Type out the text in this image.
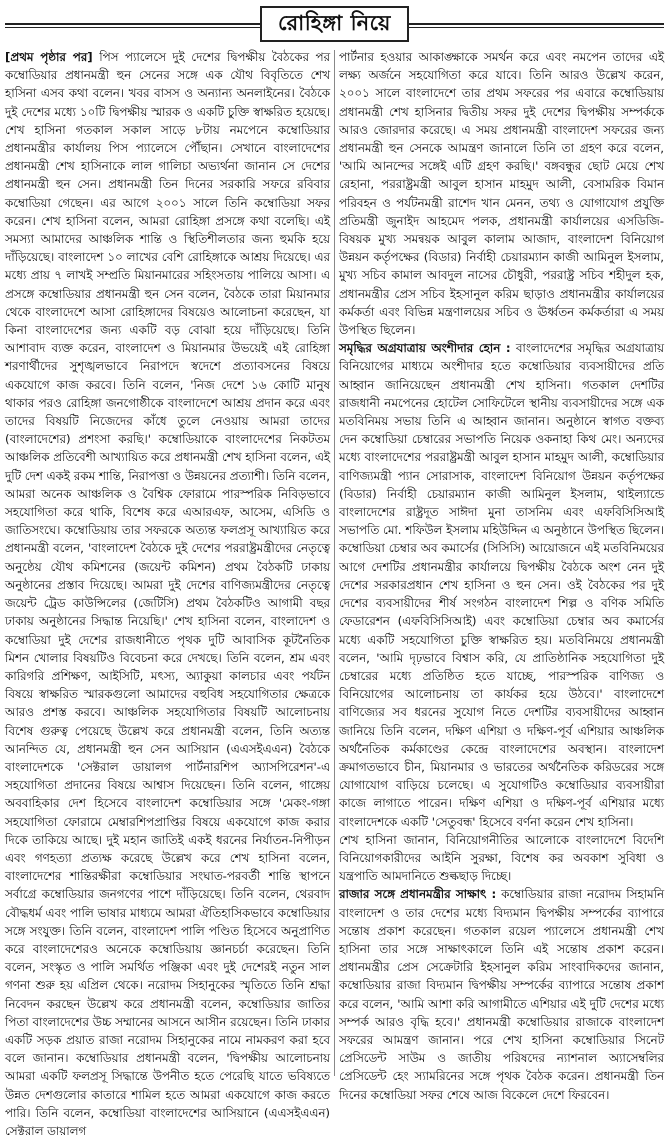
রোহিঙ্গা নিয়ে

[প্রথম পৃষ্ঠার পর] পিস প্যালেসে দুই দেশের দ্বিপক্ষীয় বৈঠকের পর কম্বোডিয়ার প্রধানমন্ত্রী হুন সেনের সঙ্গে এক যৌথ বিবৃতিতে শেখ হাসিনা এসব কথা বলেন। খবর বাসস ও অন্যান্য অনলাইনের। বৈঠকে দুই দেশের মধ্যে ১০টি দ্বিপক্ষীয় স্মারক ও একটি চুক্তি স্বাক্ষরিত হয়েছে। শেখ হাসিনা গতকাল সকাল সাড়ে ৮টায় নমপেনে কম্বোডিয়ার প্রধানমন্ত্রীর কার্যালয় পিস প্যালেসে পৌঁছান। সেখানে বাংলাদেশের প্রধানমন্ত্রী শেখ হাসিনাকে লাল গালিচা অভ্যর্থনা জানান সে দেশের প্রধানমন্ত্রী হুন সেন। প্রধানমন্ত্রী তিন দিনের সরকারি সফরে রবিবার কম্বোডিয়া গেছেন। এর আগে ২০০১ সালে তিনি কম্বোডিয়া সফর করেন। শেখ হাসিনা বলেন, আমরা রোহিঙ্গা প্রসঙ্গে কথা বলেছি। এই সমস্যা আমাদের আঞ্চলিক শান্তি ও স্থিতিশীলতার জন্য হুমকি হয়ে দাঁড়িয়েছে। বাংলাদেশ ১০ লাখের বেশি রোহিঙ্গাকে আশ্রয় দিয়েছে। এর মধ্যে প্রায় ৭ লাখই সম্প্রতি মিয়ানমারের সহিংসতায় পালিয়ে আসা। এ প্রসঙ্গে কম্বোডিয়ার প্রধানমন্ত্রী হুন সেন বলেন, বৈঠকে তারা মিয়ানমার থেকে বাংলাদেশে আসা রোহিঙ্গাদের বিষয়েও আলোচনা করেছেন, যা কিনা বাংলাদেশের জন্য একটি বড় বোঝা হয়ে দাঁড়িয়েছে। তিনি আশাবাদ ব্যক্ত করেন, বাংলাদেশ ও মিয়ানমার উভয়েই এই রোহিঙ্গা শরণার্থীদের সুশৃঙ্খলভাবে নিরাপদে স্বদেশে প্রত্যাবসনের বিষয়ে একযোগে কাজ করবে। তিনি বলেন, 'নিজ দেশে ১৬ কোটি মানুষ থাকার পরও রোহিঙ্গা জনগোষ্ঠীকে বাংলাদেশে আশ্রয় প্রদান করে এবং তাদের বিষয়টি নিজেদের কাঁধে তুলে নেওয়ায় আমরা তাদের (বাংলাদেশের) প্রশংসা করছি।' কম্বোডিয়াকে বাংলাদেশের নিকটতম আঞ্চলিক প্রতিবেশী আখ্যায়িত করে প্রধানমন্ত্রী শেখ হাসিনা বলেন, এই দুটি দেশ একই রকম শান্তি, নিরাপত্তা ও উন্নয়নের প্রত্যাশী। তিনি বলেন, আমরা অনেক আঞ্চলিক ও বৈশ্বিক ফোরামে পারস্পরিক নিবিড়ভাবে সহযোগিতা করে থাকি, বিশেষ করে এআরএফ, আসেম, এসিডি ও জাতিসংঘে। কম্বোডিয়ায় তার সফরকে অত্যন্ত ফলপ্রসূ আখ্যায়িত করে প্রধানমন্ত্রী বলেন, 'বাংলাদেশ বৈঠকে দুই দেশের পররাষ্ট্রমন্ত্রীদের নেতৃত্বে অনুষ্ঠেয় যৌথ কমিশনের (জয়েন্ট কমিশন) প্রথম বৈঠকটি ঢাকায় অনুষ্ঠানের প্রস্তাব দিয়েছে। আমরা দুই দেশের বাণিজ্যমন্ত্রীদের নেতৃত্বে জয়েন্ট ট্রেড কাউন্সিলের (জেটিসি) প্রথম বৈঠকটিও আগামী বছর ঢাকায় অনুষ্ঠানের সিদ্ধান্ত নিয়েছি।' শেখ হাসিনা বলেন, বাংলাদেশ ও কম্বোডিয়া দুই দেশের রাজধানীতে পৃথক দুটি আবাসিক কূটনৈতিক মিশন খোলার বিষয়টিও বিবেচনা করে দেখছে। তিনি বলেন, শ্রম এবং কারিগরি প্রশিক্ষণ, আইসিটি, মৎস্য, অ্যাকুয়া কালচার এবং পর্যটন বিষয়ে স্বাক্ষরিত স্মারকগুলো আমাদের বহুবিধ সহযোগিতার ক্ষেত্রকে আরও প্রশস্ত করবে। আঞ্চলিক সহযোগিতার বিষয়টি আলোচনায় বিশেষ গুরুত্ব পেয়েছে উল্লেখ করে প্রধানমন্ত্রী বলেন, তিনি অত্যন্ত আনন্দিত যে, প্রধানমন্ত্রী হুন সেন আসিয়ান (এএসইএএন) বৈঠকে বাংলাদেশকে 'সেক্টরাল ডায়ালগ পার্টনারশিপ অ্যাসপিরেশন'-এ সহযোগিতা প্রদানের বিষয়ে আশ্বাস দিয়েছেন। তিনি বলেন, গাঙ্গেয় অববাহিকার দেশ হিসেবে বাংলাদেশ কম্বোডিয়ার সঙ্গে 'মেকং-গঙ্গা সহযোগিতা ফোরামে মেম্বারশিপপ্রাপ্তির বিষয়ে একযোগে কাজ করার দিকে তাকিয়ে আছে। দুই মহান জাতিই একই ধরনের নির্যাতন-নিপীড়ন এবং গণহত্যা প্রত্যক্ষ করেছে উল্লেখ করে শেখ হাসিনা বলেন, বাংলাদেশের শান্তিরক্ষীরা কম্বোডিয়ার সংঘাত-পরবর্তী শান্তি স্থাপনে সর্বাগ্রে কম্বোডিয়ার জনগণের পাশে দাঁড়িয়েছে। তিনি বলেন, থেরবাদ বৌদ্ধধর্ম এবং পালি ভাষার মাধ্যমে আমরা ঐতিহাসিকভাবে কম্বোডিয়ার সঙ্গে সংযুক্ত। তিনি বলেন, বাংলাদেশ পালি পণ্ডিত হিসেবে অনুপ্রাণিত করে বাংলাদেশেরও অনেকে কম্বোডিয়ায় জ্ঞানচর্চা করেছেন। তিনি বলেন, সংস্কৃত ও পালি সমর্থিত পঞ্জিকা এবং দুই দেশেরই নতুন সাল গণনা শুরু হয় এপ্রিল থেকে। নরোদম সিহানুকের স্মৃতিতে তিনি শ্রদ্ধা নিবেদন করছেন উল্লেখ করে প্রধানমন্ত্রী বলেন, কম্বোডিয়ার জাতির পিতা বাংলাদেশের উচ্চ সম্মানের আসনে আসীন রয়েছেন। তিনি ঢাকার একটি সড়ক প্রয়াত রাজা নরোদম সিহানুকের নামে নামকরণ করা হবে বলে জানান। কম্বোডিয়ার প্রধানমন্ত্রী বলেন, 'দ্বিপক্ষীয় আলোচনায় আমরা একটি ফলপ্রসূ সিদ্ধান্তে উপনীত হতে পেরেছি যাতে ভবিষ্যতে উন্নত দেশগুলোর কাতারে শামিল হতে আমরা একযোগে কাজ করতে পারি। তিনি বলেন, কম্বোডিয়া বাংলাদেশের আসিয়ানে (এএসইএএন) সেক্টরাল ডায়ালগ

পার্টনার হওয়ার আকাঙ্ক্ষাকে সমর্থন করে এবং নমপেন তাদের এই লক্ষ্য অর্জনে সহযোগিতা করে যাবে। তিনি আরও উল্লেখ করেন, ২০০১ সালে বাংলাদেশে তার প্রথম সফরের পর এবারে কম্বোডিয়ায় প্রধানমন্ত্রী শেখ হাসিনার দ্বিতীয় সফর দুই দেশের দ্বিপক্ষীয় সম্পর্ককে আরও জোরদার করেছে। এ সময় প্রধানমন্ত্রী বাংলাদেশ সফরের জন্য প্রধানমন্ত্রী হুন সেনকে আমন্ত্রণ জানালে তিনি তা গ্রহণ করে বলেন, 'আমি আনন্দের সঙ্গেই এটি গ্রহণ করছি।' বঙ্গবন্ধুর ছোট মেয়ে শেখ রেহানা, পররাষ্ট্রমন্ত্রী আবুল হাসান মাহমুদ আলী, বেসামরিক বিমান পরিবহন ও পর্যটনমন্ত্রী রাশেদ খান মেনন, তথ্য ও যোগাযোগ প্রযুক্তি প্রতিমন্ত্রী জুনাইদ আহমেদ পলক, প্রধানমন্ত্রী কার্যালয়ের এসডিজি-বিষয়ক মুখ্য সমন্বয়ক আবুল কালাম আজাদ, বাংলাদেশ বিনিয়োগ উন্নয়ন কর্তৃপক্ষের (বিডার) নির্বাহী চেয়ারম্যান কাজী আমিনুল ইসলাম, মুখ্য সচিব কামাল আবদুল নাসের চৌধুরী, পররাষ্ট্র সচিব শহীদুল হক, প্রধানমন্ত্রীর প্রেস সচিব ইহসানুল করিম ছাড়াও প্রধানমন্ত্রীর কার্যালয়ের কর্মকর্তা এবং বিভিন্ন মন্ত্রণালয়ের সচিব ও ঊর্ধ্বতন কর্মকর্তারা এ সময় উপস্থিত ছিলেন।

সমৃদ্ধির অগ্রযাত্রায় অংশীদার হোন : বাংলাদেশের সমৃদ্ধির অগ্রযাত্রায় বিনিয়োগের মাধ্যমে অংশীদার হতে কম্বোডিয়ার ব্যবসায়ীদের প্রতি আহ্বান জানিয়েছেন প্রধানমন্ত্রী শেখ হাসিনা। গতকাল দেশটির রাজধানী নমপেনের হোটেল সোফিটেলে স্থানীয় ব্যবসায়ীদের সঙ্গে এক মতবিনিময় সভায় তিনি এ আহ্বান জানান। অনুষ্ঠানে স্বাগত বক্তব্য দেন কম্বোডিয়া চেম্বারের সভাপতি নিয়েক ওকনাহা কিথ মেং। অন্যদের মধ্যে বাংলাদেশের পররাষ্ট্রমন্ত্রী আবুল হাসান মাহমুদ আলী, কম্বোডিয়ার বাণিজ্যমন্ত্রী প্যান সোরাসাক, বাংলাদেশ বিনিয়োগ উন্নয়ন কর্তৃপক্ষের (বিডার) নির্বাহী চেয়ারম্যান কাজী আমিনুল ইসলাম, থাইল্যান্ডে বাংলাদেশের রাষ্ট্রদূত সাঈদা মুনা তাসনিম এবং এফবিসিসিআই সভাপতি মো. শফিউল ইসলাম মহিউদ্দিন এ অনুষ্ঠানে উপস্থিত ছিলেন। কম্বোডিয়া চেম্বার অব কমার্সের (সিসিসি) আয়োজনে এই মতবিনিময়ের আগে দেশটির প্রধানমন্ত্রীর কার্যালয়ে দ্বিপক্ষীয় বৈঠকে অংশ নেন দুই দেশের সরকারপ্রধান শেখ হাসিনা ও হুন সেন। ওই বৈঠকের পর দুই দেশের ব্যবসায়ীদের শীর্ষ সংগঠন বাংলাদেশ শিল্প ও বণিক সমিতি ফেডারেশন (এফবিসিসিআই) এবং কম্বোডিয়া চেম্বার অব কমার্সের মধ্যে একটি সহযোগিতা চুক্তি স্বাক্ষরিত হয়। মতবিনিময়ে প্রধানমন্ত্রী বলেন, 'আমি দৃঢ়ভাবে বিশ্বাস করি, যে প্রাতিষ্ঠানিক সহযোগিতা দুই চেম্বারের মধ্যে প্রতিষ্ঠিত হতে যাচ্ছে, পারস্পরিক বাণিজ্য ও বিনিয়োগের আলোচনায় তা কার্যকর হয়ে উঠবে।' বাংলাদেশে বাণিজ্যের সব ধরনের সুযোগ নিতে দেশটির ব্যবসায়ীদের আহ্বান জানিয়ে তিনি বলেন, দক্ষিণ এশিয়া ও দক্ষিণ-পূর্ব এশিয়ার আঞ্চলিক অর্থনৈতিক কর্মকাণ্ডের কেন্দ্রে বাংলাদেশের অবস্থান। বাংলাদেশ ক্রমাগতভাবে চীন, মিয়ানমার ও ভারতের অর্থনৈতিক করিডরের সঙ্গে যোগাযোগ বাড়িয়ে চলেছে। এ সুযোগটিও কম্বোডিয়ার ব্যবসায়ীরা কাজে লাগাতে পারেন। দক্ষিণ এশিয়া ও দক্ষিণ-পূর্ব এশিয়ার মধ্যে বাংলাদেশকে একটি 'সেতুবন্ধ' হিসেবে বর্ণনা করেন শেখ হাসিনা।

শেখ হাসিনা জানান, বিনিয়োগনীতির আলোকে বাংলাদেশে বিদেশি বিনিয়োগকারীদের আইনি সুরক্ষা, বিশেষ কর অবকাশ সুবিধা ও যন্ত্রপাতি আমদানিতে শুল্কছাড় দিচ্ছে।

রাজার সঙ্গে প্রধানমন্ত্রীর সাক্ষাৎ : কম্বোডিয়ার রাজা নরোদম সিহামনি বাংলাদেশ ও তার দেশের মধ্যে বিদ্যমান দ্বিপক্ষীয় সম্পর্কের ব্যাপারে সন্তোষ প্রকাশ করেছেন। গতকাল রয়েল প্যালেসে প্রধানমন্ত্রী শেখ হাসিনা তার সঙ্গে সাক্ষাৎকালে তিনি এই সন্তোষ প্রকাশ করেন। প্রধানমন্ত্রীর প্রেস সেক্রেটারি ইহসানুল করিম সাংবাদিকদের জানান, কম্বোডিয়ার রাজা বিদ্যমান দ্বিপক্ষীয় সম্পর্কের ব্যাপারে সন্তোষ প্রকাশ করে বলেন, 'আমি আশা করি আগামীতে এশিয়ার এই দুটি দেশের মধ্যে সম্পর্ক আরও বৃদ্ধি হবে।' প্রধানমন্ত্রী কম্বোডিয়ার রাজাকে বাংলাদেশ সফরের আমন্ত্রণ জানান। পরে শেখ হাসিনা কম্বোডিয়ার সিনেট প্রেসিডেন্ট সাউম ও জাতীয় পরিষদের ন্যাশনাল অ্যাসেম্বলির প্রেসিডেন্ট হেং স্যামরিনের সঙ্গে পৃথক বৈঠক করেন। প্রধানমন্ত্রী তিন দিনের কম্বোডিয়া সফর শেষে আজ বিকেলে দেশে ফিরবেন।
